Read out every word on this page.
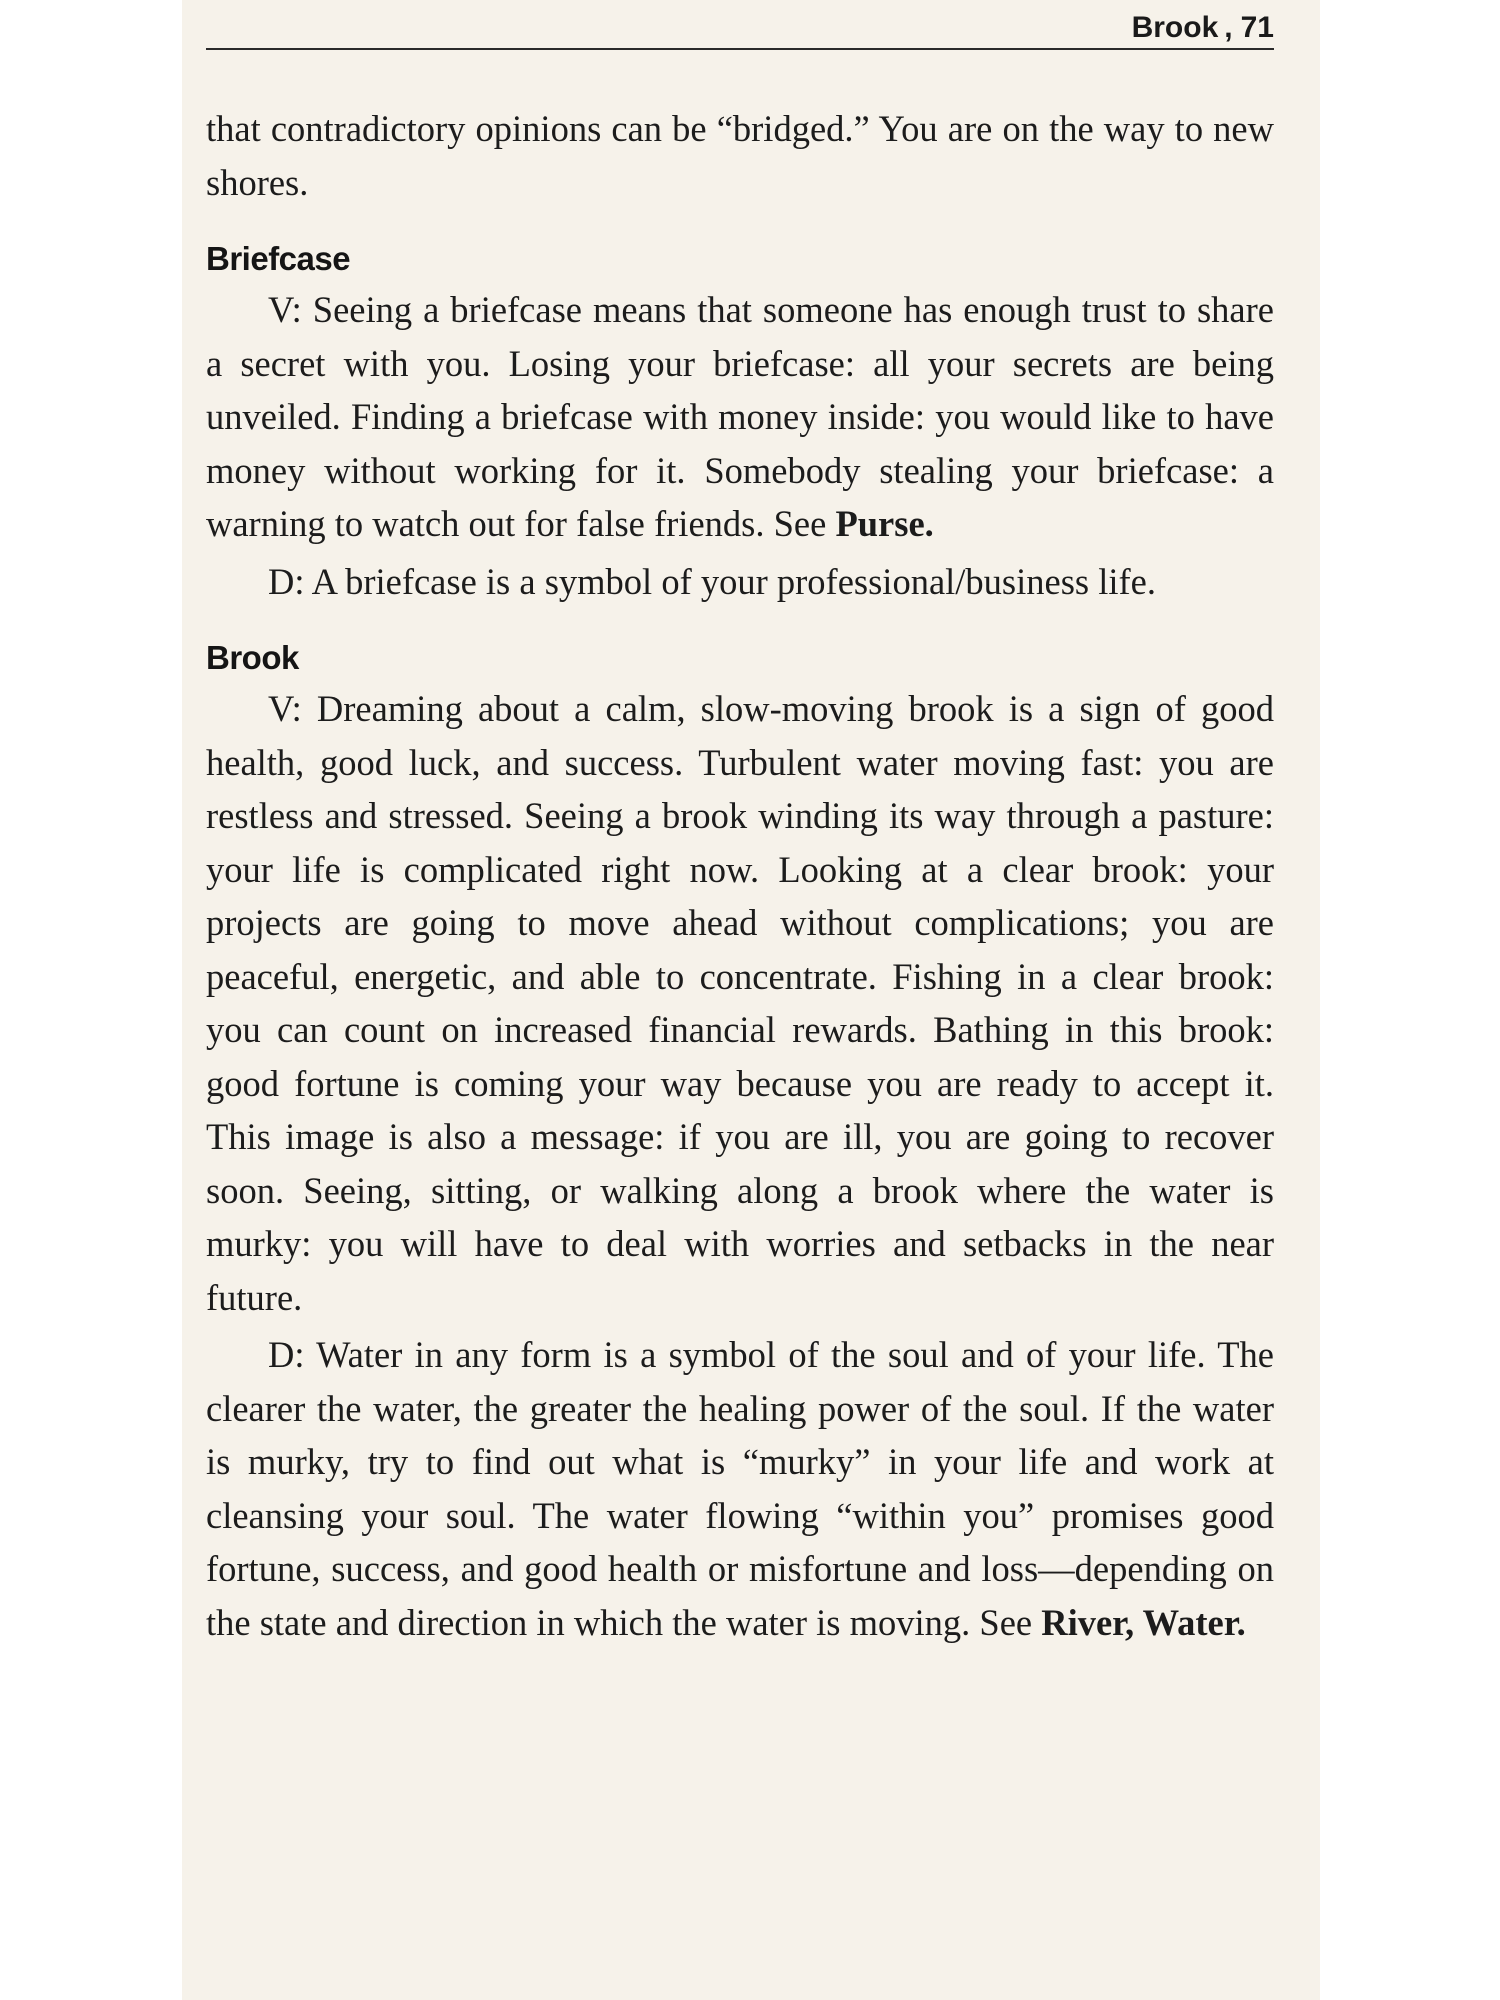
Brook , 71

that contradictory opinions can be “bridged.” You are on the way to new shores.

Briefcase

V: Seeing a briefcase means that someone has enough trust to share a secret with you. Losing your briefcase: all your secrets are being unveiled. Finding a briefcase with money inside: you would like to have money without working for it. Somebody stealing your briefcase: a warning to watch out for false friends. See Purse.

D: A briefcase is a symbol of your professional/business life.

Brook

V: Dreaming about a calm, slow-moving brook is a sign of good health, good luck, and success. Turbulent water moving fast: you are restless and stressed. Seeing a brook winding its way through a pasture: your life is complicated right now. Looking at a clear brook: your projects are going to move ahead without complications; you are peaceful, energetic, and able to concentrate. Fishing in a clear brook: you can count on increased financial rewards. Bathing in this brook: good fortune is coming your way because you are ready to accept it. This image is also a message: if you are ill, you are going to recover soon. Seeing, sitting, or walking along a brook where the water is murky: you will have to deal with worries and setbacks in the near future.

D: Water in any form is a symbol of the soul and of your life. The clearer the water, the greater the healing power of the soul. If the water is murky, try to find out what is “murky” in your life and work at cleansing your soul. The water flowing “within you” promises good fortune, success, and good health or misfortune and loss—depending on the state and direction in which the water is moving. See River, Water.
